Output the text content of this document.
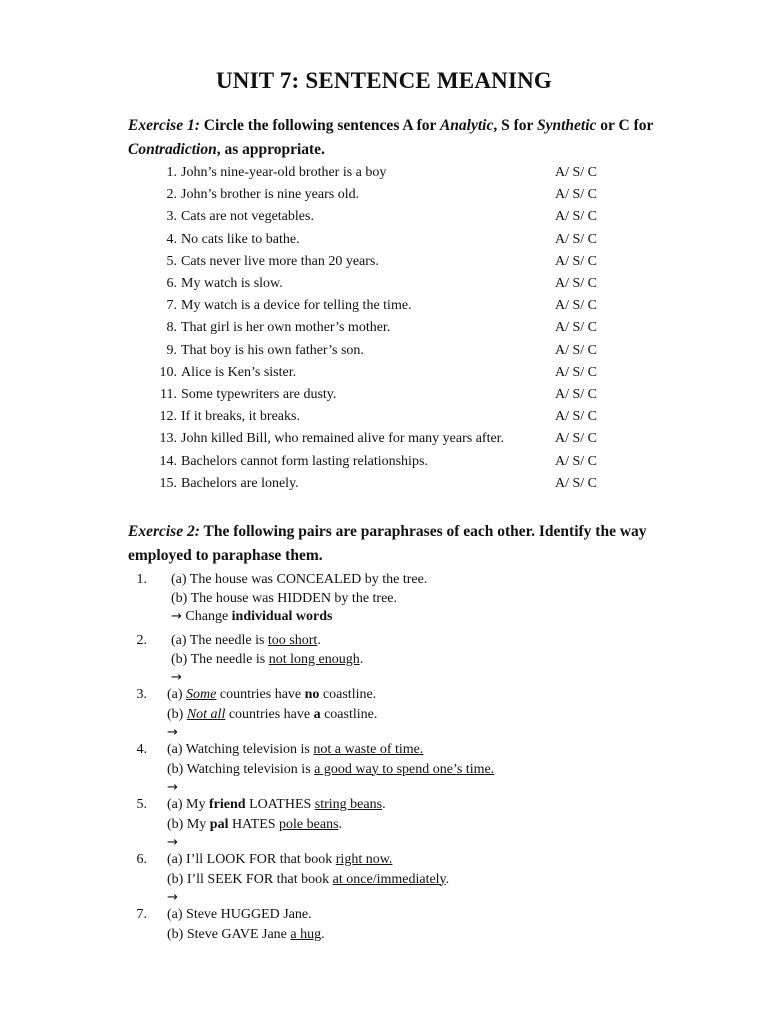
UNIT 7: SENTENCE MEANING
Exercise 1: Circle the following sentences A for Analytic, S for Synthetic or C for
Contradiction, as appropriate.
1. John’s nine-year-old brother is a boy	A/ S/ C
2. John’s brother is nine years old.	A/ S/ C
3. Cats are not vegetables.	A/ S/ C
4. No cats like to bathe.	A/ S/ C
5. Cats never live more than 20 years.	A/ S/ C
6. My watch is slow.	A/ S/ C
7. My watch is a device for telling the time.	A/ S/ C
8. That girl is her own mother’s mother.	A/ S/ C
9. That boy is his own father’s son.	A/ S/ C
10. Alice is Ken’s sister.	A/ S/ C
11. Some typewriters are dusty.	A/ S/ C
12. If it breaks, it breaks.	A/ S/ C
13. John killed Bill, who remained alive for many years after.	A/ S/ C
14. Bachelors cannot form lasting relationships.	A/ S/ C
15. Bachelors are lonely.	A/ S/ C
Exercise 2: The following pairs are paraphrases of each other. Identify the way
employed to paraphase them.
1. (a) The house was CONCEALED by the tree.
(b) The house was HIDDEN by the tree.
→ Change individual words
2. (a) The needle is too short.
(b) The needle is not long enough.
→
3. (a) Some countries have no coastline.
(b) Not all countries have a coastline.
→
4. (a) Watching television is not a waste of time.
(b) Watching television is a good way to spend one’s time.
→
5. (a) My friend LOATHES string beans.
(b) My pal HATES pole beans.
→
6. (a) I’ll LOOK FOR that book right now.
(b) I’ll SEEK FOR that book at once/immediately.
→
7. (a) Steve HUGGED Jane.
(b) Steve GAVE Jane a hug.
